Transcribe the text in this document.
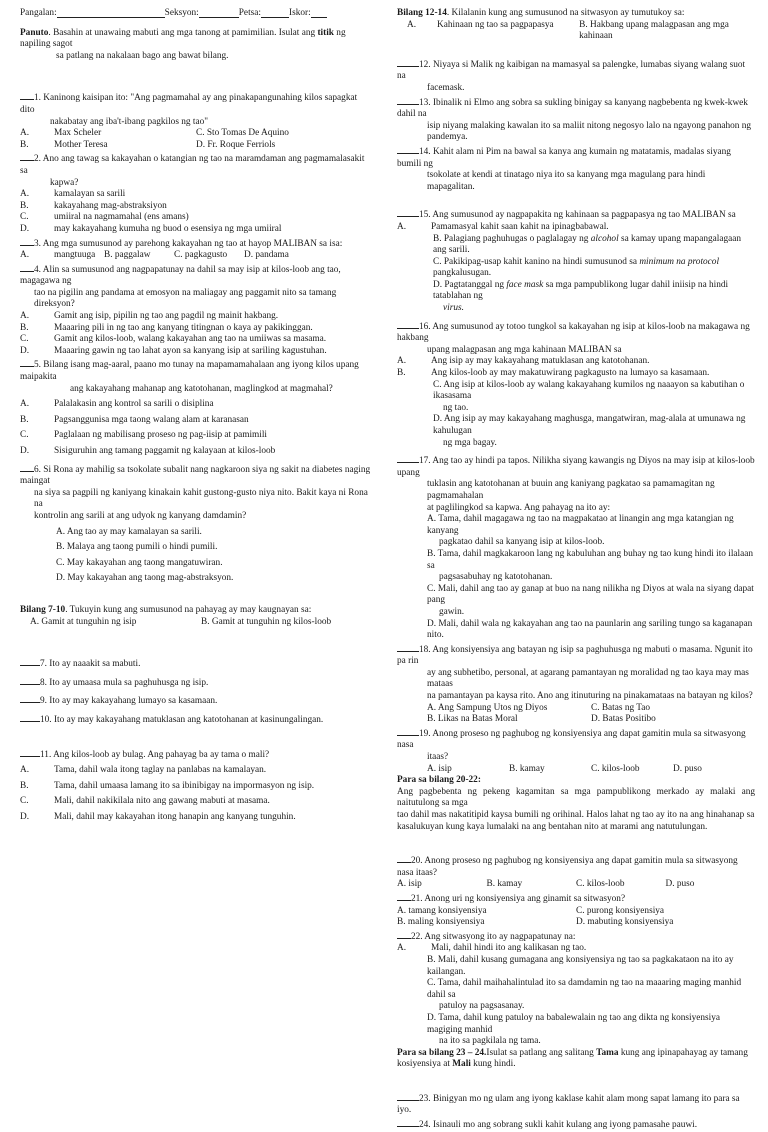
Pangalan:	Seksyon:	Petsa:	Iskor:

Panuto. Basahin at unawaing mabuti ang mga tanong at pamimilian. Isulat ang titik ng napiling sagot

sa patlang na nakalaan bago ang bawat bilang.

1. Kaninong kaisipan ito: "Ang pagmamahal ay ang pinakapangunahing kilos sapagkat dito

nakabatay ang iba't-ibang pagkilos ng tao"

A.	Max Scheler	C. Sto Tomas De Aquino
B.	Mother Teresa	D. Fr. Roque Ferriols

2. Ano ang tawag sa kakayahan o katangian ng tao na maramdaman ang pagmamalasakit sa

kapwa?

A.	kamalayan sa sarili
B.	kakayahang mag-abstraksiyon
C.	umiiral na nagmamahal (ens amans)
D.	may kakayahang kumuha ng buod o esensiya ng mga umiiral

3. Ang mga sumusunod ay parehong kakayahan ng tao at hayop MALIBAN sa isa:

A.	mangtuuga B. paggalaw	C. pagkagusto	D. pandama

4. Alin sa sumusunod ang nagpapatunay na dahil sa may isip at kilos-loob ang tao, magagawa ng

tao na pigilin ang pandama at emosyon na maliagay ang paggamit nito sa tamang direksyon?

A.	Gamit ang isip, pipilin ng tao ang pagdil ng mainit hakbang.
B.	Maaaring pili in ng tao ang kanyang titingnan o kaya ay pakikinggan.
C.	Gamit ang kilos-loob, walang kakayahan ang tao na umiiwas sa masama.
D.	Maaaring gawin ng tao lahat ayon sa kanyang isip at sariling kagustuhan.

5. Bilang isang mag-aaral, paano mo tunay na mapamamahalaan ang iyong kilos upang maipakita

ang kakayahang mahanap ang katotohanan, maglingkod at magmahal?

A.	Palalakasin ang kontrol sa sarili o disiplina
B.	Pagsanggunisa mga taong walang alam at karanasan
C.	Paglalaan ng mabilisang proseso ng pag-iisip at pamimili
D.	Sisiguruhin ang tamang paggamit ng kalayaan at kilos-loob

6. Si Rona ay mahilig sa tsokolate subalit nang nagkaroon siya ng sakit na diabetes naging maingat

na siya sa pagpili ng kaniyang kinakain kahit gustong-gusto niya nito. Bakit kaya ni Rona na

kontrolin ang sarili at ang udyok ng kanyang damdamin?

A. Ang tao ay may kamalayan sa sarili.

B. Malaya ang taong pumili o hindi pumili.

C. May kakayahan ang taong mangatuwiran.

D. May kakayahan ang taong mag-abstraksyon.

Bilang 7-10. Tukuyin kung ang sumusunod na pahayag ay may kaugnayan sa:

A. Gamit at tunguhin ng isip	B. Gamit at tunguhin ng kilos-loob

7. Ito ay naaakit sa mabuti.

8. Ito ay umaasa mula sa paghuhusga ng isip.

9. Ito ay may kakayahang lumayo sa kasamaan.

10. Ito ay may kakayahang matuklasan ang katotohanan at kasinungalingan.

11. Ang kilos-loob ay bulag. Ang pahayag ba ay tama o mali?

A.	Tama, dahil wala itong taglay na panlabas na kamalayan.
B.	Tama, dahil umaasa lamang ito sa ibinibigay na impormasyon ng isip.
C.	Mali, dahil nakikilala nito ang gawang mabuti at masama.
D.	Mali, dahil may kakayahan itong hanapin ang kanyang tunguhin.

Bilang 12-14. Kilalanin kung ang sumusunod na sitwasyon ay tumutukoy sa:

A.	Kahinaan ng tao sa pagpapasya	B. Hakbang upang malagpasan ang mga kahinaan

12. Niyaya si Malik ng kaibigan na mamasyal sa palengke, lumabas siyang walang suot na

facemask.

13. Ibinalik ni Elmo ang sobra sa sukling binigay sa kanyang nagbebenta ng kwek-kwek dahil na

isip niyang malaking kawalan ito sa maliit nitong negosyo lalo na ngayong panahon ng

pandemya.

14. Kahit alam ni Pim na bawal sa kanya ang kumain ng matatamis, madalas siyang bumili ng

tsokolate at kendi at tinatago niya ito sa kanyang mga magulang para hindi mapagalitan.

15. Ang sumusunod ay nagpapakita ng kahinaan sa pagpapasya ng tao MALIBAN sa

A.	Pamamasyal kahit saan kahit na ipinagbabawal.

B. Palagiang paghuhugas o paglalagay ng alcohol sa kamay upang mapangalagaan ang sarili.

C. Pakikipag-usap kahit kanino na hindi sumusunod sa minimum na protocol pangkalusugan.

D. Pagtatanggal ng face mask sa mga pampublikong lugar dahil iniisip na hindi tatablahan ng

virus.

16. Ang sumusunod ay totoo tungkol sa kakayahan ng isip at kilos-loob na makagawa ng hakbang

upang malagpasan ang mga kahinaan MALIBAN sa

A.	Ang isip ay may kakayahang matuklasan ang katotohanan.
B.	Ang kilos-loob ay may makatuwirang pagkagusto na lumayo sa kasamaan.

C. Ang isip at kilos-loob ay walang kakayahang kumilos ng naaayon sa kabutihan o ikasasama

ng tao.

D. Ang isip ay may kakayahang maghusga, mangatwiran, mag-alala at umunawa ng kahulugan

ng mga bagay.

17. Ang tao ay hindi pa tapos. Nilikha siyang kawangis ng Diyos na may isip at kilos-loob upang

tuklasin ang katotohanan at buuin ang kaniyang pagkatao sa pamamagitan ng pagmamahalan

at paglilingkod sa kapwa. Ang pahayag na ito ay:

A. Tama, dahil magagawa ng tao na magpakatao at linangin ang mga katangian ng kanyang

pagkatao dahil sa kanyang isip at kilos-loob.

B. Tama, dahil magkakaroon lang ng kabuluhan ang buhay ng tao kung hindi ito ilalaan sa

pagsasabuhay ng katotohanan.

C. Mali, dahil ang tao ay ganap at buo na nang nilikha ng Diyos at wala na siyang dapat pang

gawin.

D. Mali, dahil wala ng kakayahan ang tao na paunlarin ang sariling tungo sa kaganapan nito.

18. Ang konsiyensiya ang batayan ng isip sa paghuhusga ng mabuti o masama. Ngunit ito pa rin

ay ang subhetibo, personal, at agarang pamantayan ng moralidad ng tao kaya may mas mataas

na pamantayan pa kaysa rito. Ano ang itinuturing na pinakamataas na batayan ng kilos?

A. Ang Sampung Utos ng Diyos	C. Batas ng Tao
B. Likas na Batas Moral	D. Batas Positibo

19. Anong proseso ng paghubog ng konsiyensiya ang dapat gamitin mula sa sitwasyong nasa

itaas?

A. isip	B. kamay	C. kilos-loob	D. puso

Para sa bilang 20-22:

Ang pagbebenta ng pekeng kagamitan sa mga pampublikong merkado ay malaki ang naitutulong sa mga

tao dahil mas nakatitipid kaysa bumili ng orihinal. Halos lahat ng tao ay ito na ang hinahanap sa

kasalukuyan kung kaya lumalaki na ang bentahan nito at marami ang natutulungan.

20. Anong proseso ng paghubog ng konsiyensiya ang dapat gamitin mula sa sitwasyong nasa itaas?

A. isip	B. kamay	C. kilos-loob	D. puso

21. Anong uri ng konsiyensiya ang ginamit sa sitwasyon?

A. tamang konsiyensiya	C. purong konsiyensiya
B. maling konsiyensiya	D. mabuting konsiyensiya

22. Ang sitwasyong ito ay nagpapatunay na:

A.	Mali, dahil hindi ito ang kalikasan ng tao.

B. Mali, dahil kusang gumagana ang konsiyensiya ng tao sa pagkakataon na ito ay kailangan.

C. Tama, dahil maihahalintulad ito sa damdamin ng tao na maaaring maging manhid dahil sa

patuloy na pagsasanay.

D. Tama, dahil kung patuloy na babalewalain ng tao ang dikta ng konsiyensiya magiging manhid

na ito sa pagkilala ng tama.

Para sa bilang 23 – 24.Isulat sa patlang ang salitang Tama kung ang ipinapahayag ay tamang

kosiyensiya at Mali kung hindi.

23. Binigyan mo ng ulam ang iyong kaklase kahit alam mong sapat lamang ito para sa iyo.

24. Isinauli mo ang sobrang sukli kahit kulang ang iyong pamasahe pauwi.
